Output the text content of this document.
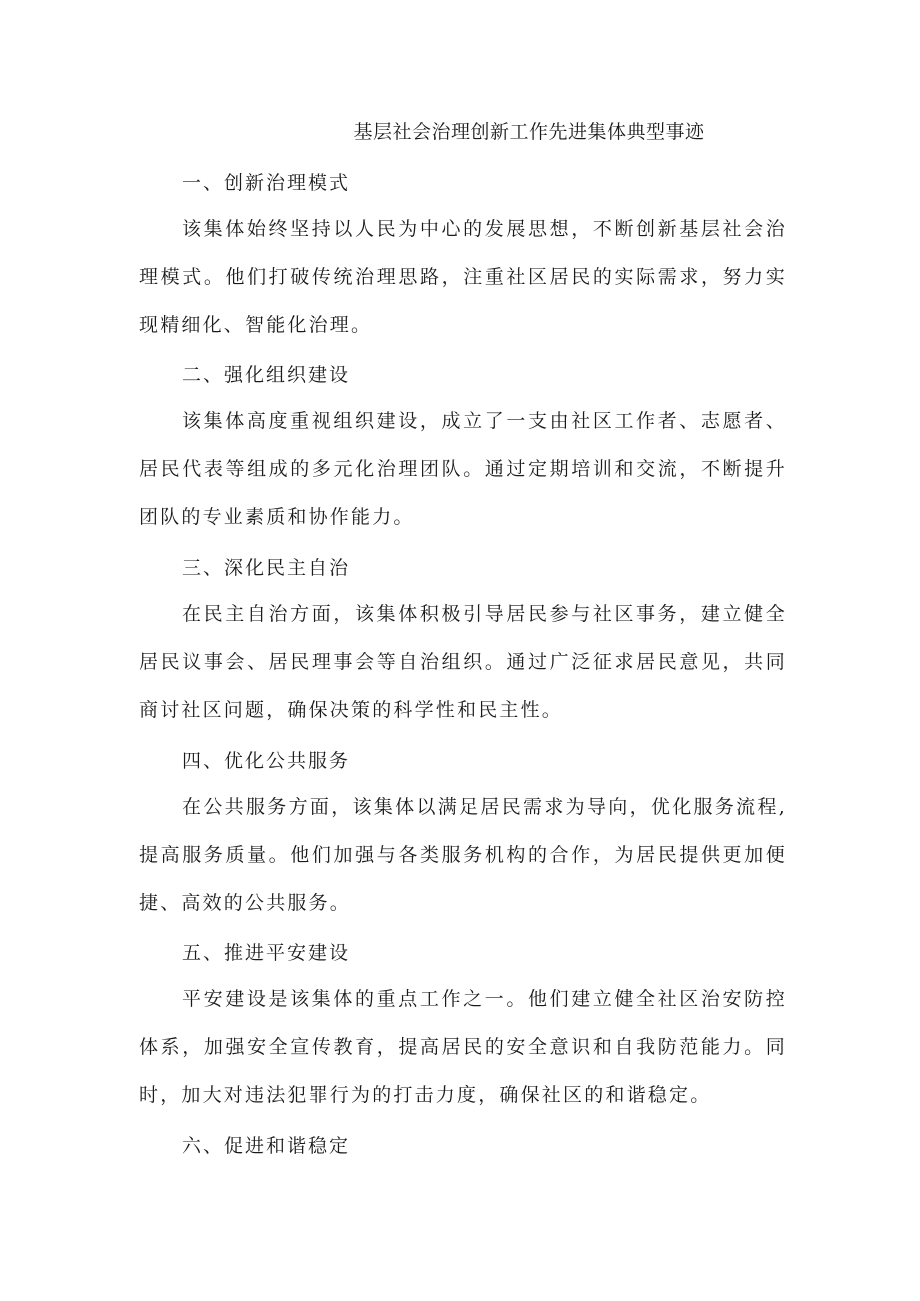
基层社会治理创新工作先进集体典型事迹
一、创新治理模式
该集体始终坚持以人民为中心的发展思想，不断创新基层社会治理模式。他们打破传统治理思路，注重社区居民的实际需求，努力实现精细化、智能化治理。
二、强化组织建设
该集体高度重视组织建设，成立了一支由社区工作者、志愿者、居民代表等组成的多元化治理团队。通过定期培训和交流，不断提升团队的专业素质和协作能力。
三、深化民主自治
在民主自治方面，该集体积极引导居民参与社区事务，建立健全居民议事会、居民理事会等自治组织。通过广泛征求居民意见，共同商讨社区问题，确保决策的科学性和民主性。
四、优化公共服务
在公共服务方面，该集体以满足居民需求为导向，优化服务流程,提高服务质量。他们加强与各类服务机构的合作，为居民提供更加便捷、高效的公共服务。
五、推进平安建设
平安建设是该集体的重点工作之一。他们建立健全社区治安防控体系，加强安全宣传教育，提高居民的安全意识和自我防范能力。同时，加大对违法犯罪行为的打击力度，确保社区的和谐稳定。
六、促进和谐稳定
